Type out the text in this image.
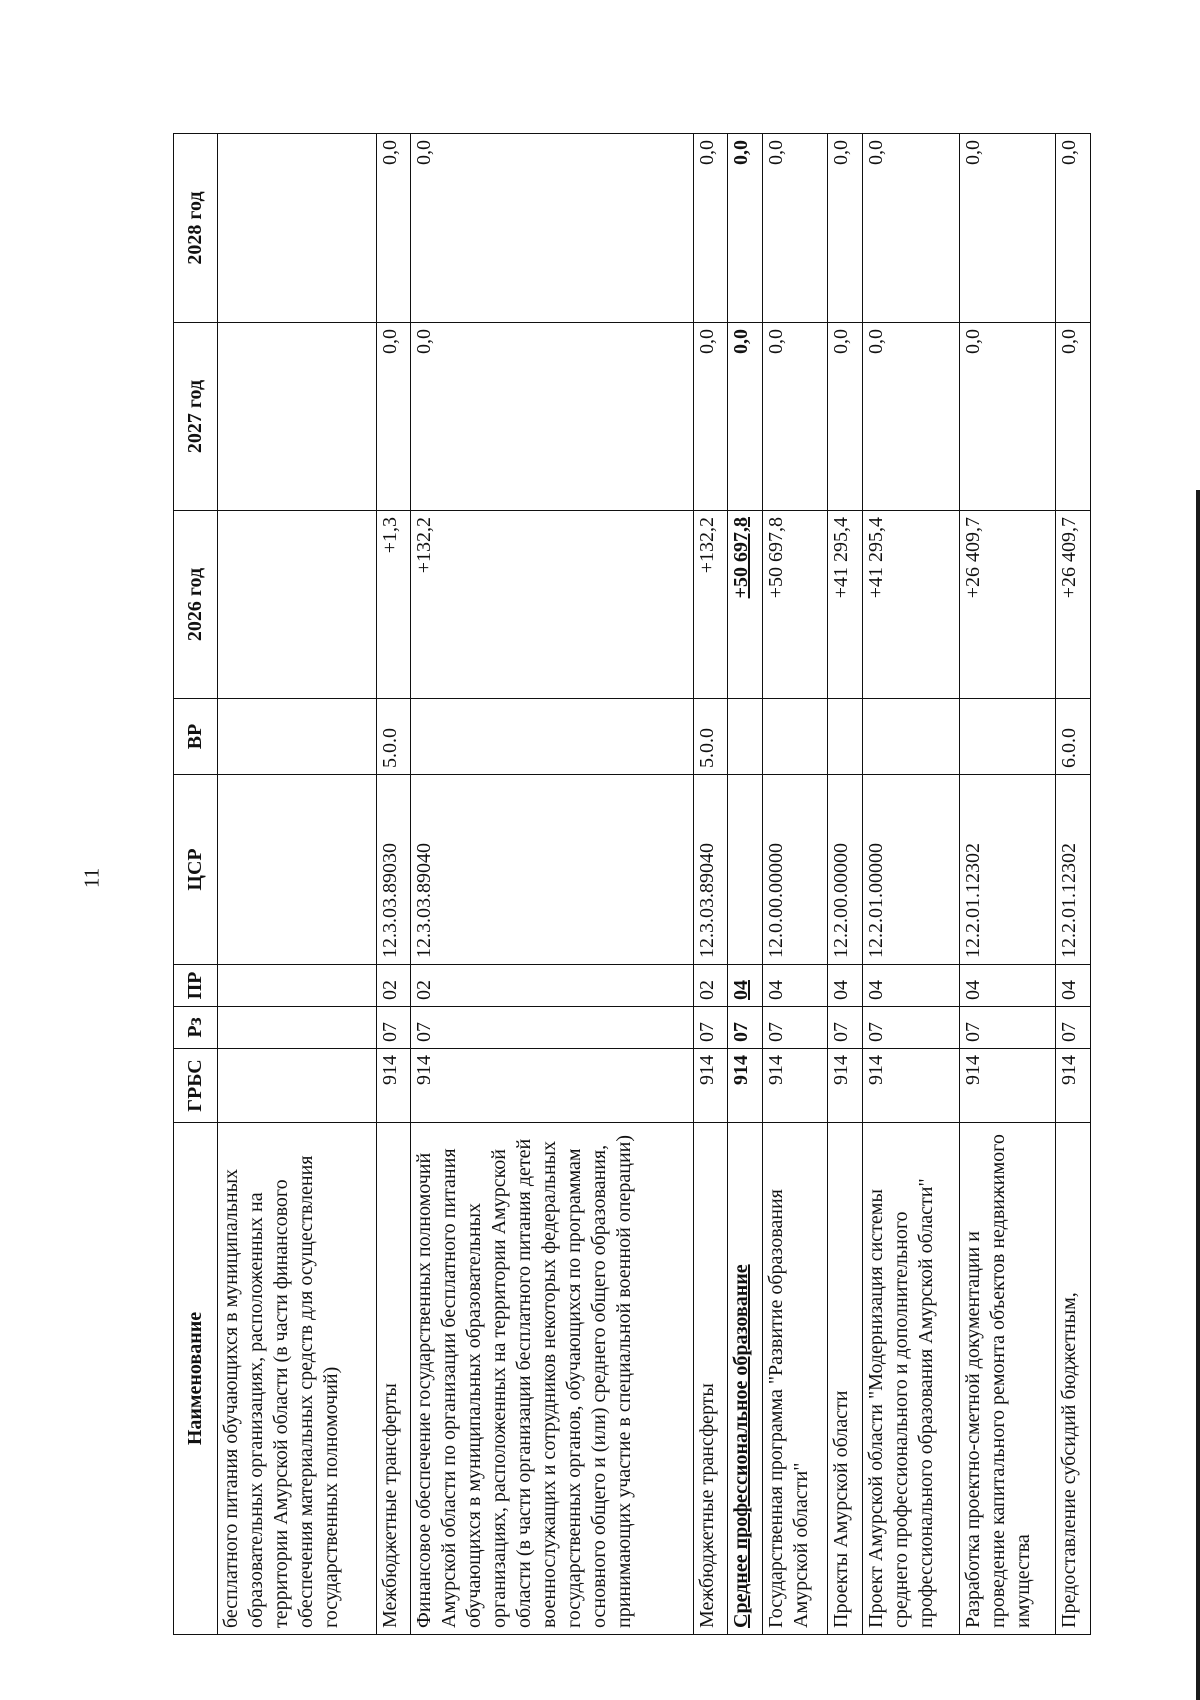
11
Наименование	ГРБС	Рз	ПР	ЦСР	ВР	2026 год	2027 год	2028 год
бесплатного питания обучающихся в муниципальных образовательных организациях, расположенных на территории Амурской области (в части финансового обеспечения материальных средств для осуществления государственных полномочий)								
Межбюджетные трансферты	914	07	02	12.3.03.89030	5.0.0	+1,3	0,0	0,0
Финансовое обеспечение государственных полномочий Амурской области по организации бесплатного питания обучающихся в муниципальных образовательных организациях, расположенных на территории Амурской области (в части организации бесплатного питания детей военнослужащих и сотрудников некоторых федеральных государственных органов, обучающихся по программам основного общего и (или) среднего общего образования, принимающих участие в специальной военной операции)	914	07	02	12.3.03.89040		+132,2	0,0	0,0
Межбюджетные трансферты	914	07	02	12.3.03.89040	5.0.0	+132,2	0,0	0,0
Среднее профессиональное образование	914	07	04			+50 697,8	0,0	0,0
Государственная программа "Развитие образования Амурской области"	914	07	04	12.0.00.00000		+50 697,8	0,0	0,0
Проекты Амурской области	914	07	04	12.2.00.00000		+41 295,4	0,0	0,0
Проект Амурской области "Модернизация системы среднего профессионального и дополнительного профессионального образования Амурской области"	914	07	04	12.2.01.00000		+41 295,4	0,0	0,0
Разработка проектно-сметной документации и проведение капитального ремонта объектов недвижимого имущества	914	07	04	12.2.01.12302		+26 409,7	0,0	0,0
Предоставление субсидий бюджетным,	914	07	04	12.2.01.12302	6.0.0	+26 409,7	0,0	0,0
